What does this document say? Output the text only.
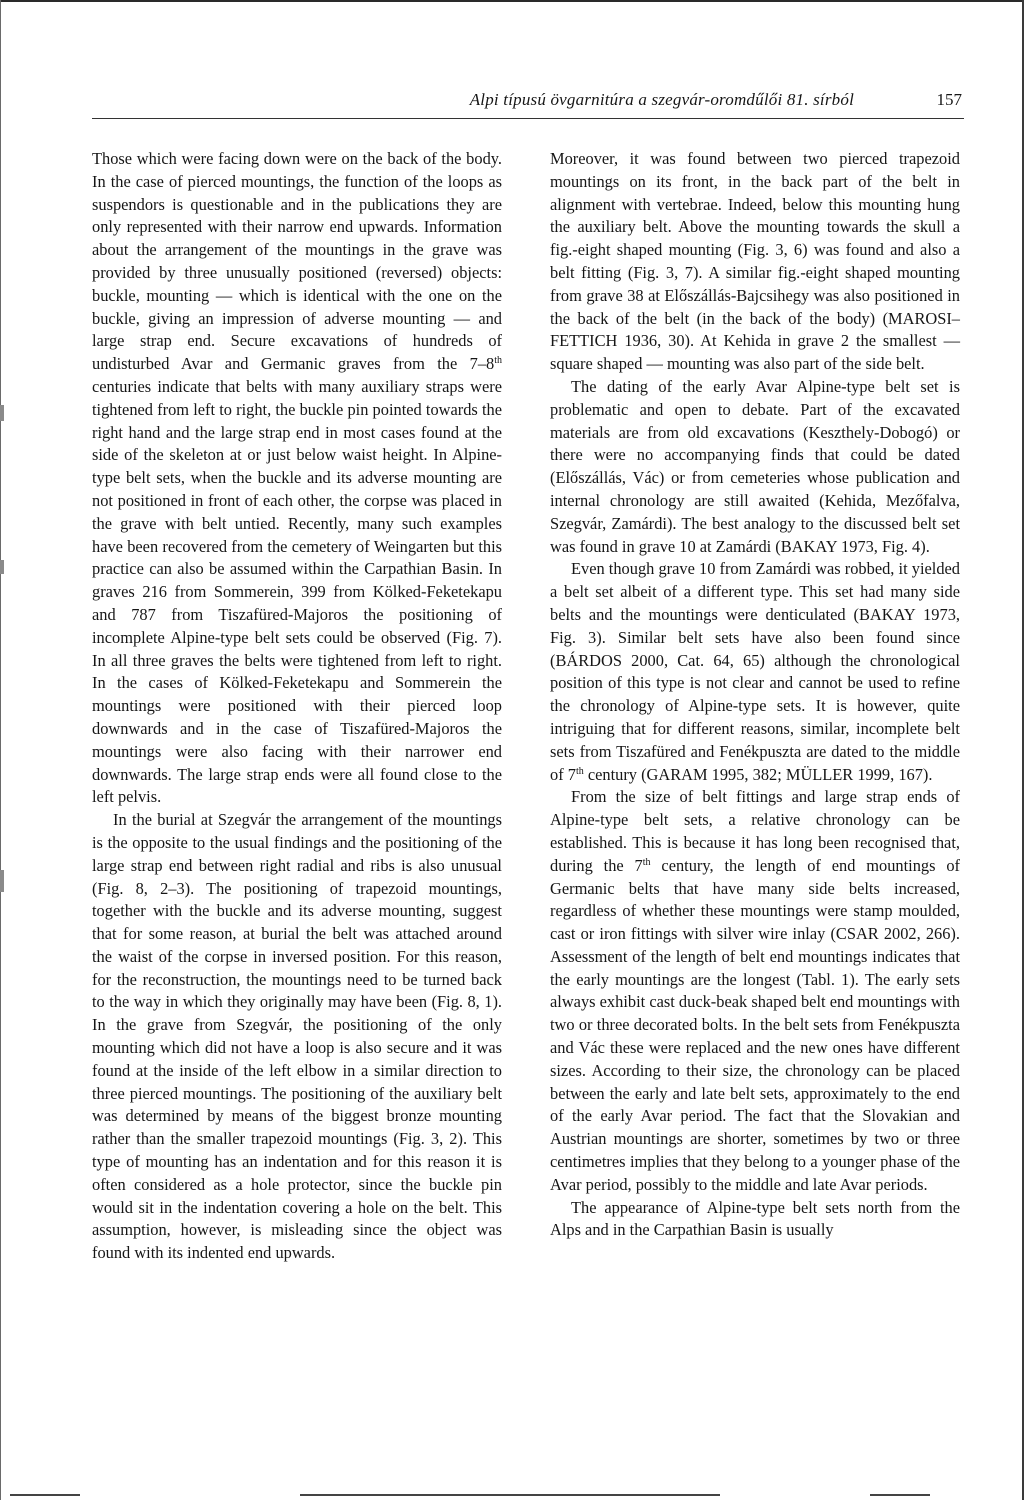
Alpi típusú övgarnitúra a szegvár-oromdűlői 81. sírból	157

Those which were facing down were on the back of the body. In the case of pierced mountings, the function of the loops as suspendors is questionable and in the publications they are only represented with their narrow end upwards. Information about the arrangement of the mountings in the grave was provided by three unusually positioned (reversed) objects: buckle, mounting — which is identical with the one on the buckle, giving an impression of adverse mounting — and large strap end. Secure excavations of hundreds of undisturbed Avar and Germanic graves from the 7–8th centuries indicate that belts with many auxiliary straps were tightened from left to right, the buckle pin pointed towards the right hand and the large strap end in most cases found at the side of the skeleton at or just below waist height. In Alpine-type belt sets, when the buckle and its adverse mounting are not positioned in front of each other, the corpse was placed in the grave with belt untied. Recently, many such examples have been recovered from the cemetery of Weingarten but this practice can also be assumed within the Carpathian Basin. In graves 216 from Sommerein, 399 from Kölked-Feketekapu and 787 from Tiszafüred-Majoros the positioning of incomplete Alpine-type belt sets could be observed (Fig. 7). In all three graves the belts were tightened from left to right. In the cases of Kölked-Feketekapu and Sommerein the mountings were positioned with their pierced loop downwards and in the case of Tiszafüred-Majoros the mountings were also facing with their narrower end downwards. The large strap ends were all found close to the left pelvis.

In the burial at Szegvár the arrangement of the mountings is the opposite to the usual findings and the positioning of the large strap end between right radial and ribs is also unusual (Fig. 8, 2–3). The positioning of trapezoid mountings, together with the buckle and its adverse mounting, suggest that for some reason, at burial the belt was attached around the waist of the corpse in inversed position. For this reason, for the reconstruction, the mountings need to be turned back to the way in which they originally may have been (Fig. 8, 1). In the grave from Szegvár, the positioning of the only mounting which did not have a loop is also secure and it was found at the inside of the left elbow in a similar direction to three pierced mountings. The positioning of the auxiliary belt was determined by means of the biggest bronze mounting rather than the smaller trapezoid mountings (Fig. 3, 2). This type of mounting has an indentation and for this reason it is often considered as a hole protector, since the buckle pin would sit in the indentation covering a hole on the belt. This assumption, however, is misleading since the object was found with its indented end upwards.

Moreover, it was found between two pierced trapezoid mountings on its front, in the back part of the belt in alignment with vertebrae. Indeed, below this mounting hung the auxiliary belt. Above the mounting towards the skull a fig.-eight shaped mounting (Fig. 3, 6) was found and also a belt fitting (Fig. 3, 7). A similar fig.-eight shaped mounting from grave 38 at Előszállás-Bajcsihegy was also positioned in the back of the belt (in the back of the body) (MAROSI–FETTICH 1936, 30). At Kehida in grave 2 the smallest — square shaped — mounting was also part of the side belt.

The dating of the early Avar Alpine-type belt set is problematic and open to debate. Part of the excavated materials are from old excavations (Keszthely-Dobogó) or there were no accompanying finds that could be dated (Előszállás, Vác) or from cemeteries whose publication and internal chronology are still awaited (Kehida, Mezőfalva, Szegvár, Zamárdi). The best analogy to the discussed belt set was found in grave 10 at Zamárdi (BAKAY 1973, Fig. 4).

Even though grave 10 from Zamárdi was robbed, it yielded a belt set albeit of a different type. This set had many side belts and the mountings were denticulated (BAKAY 1973, Fig. 3). Similar belt sets have also been found since (BÁRDOS 2000, Cat. 64, 65) although the chronological position of this type is not clear and cannot be used to refine the chronology of Alpine-type sets. It is however, quite intriguing that for different reasons, similar, incomplete belt sets from Tiszafüred and Fenékpuszta are dated to the middle of 7th century (GARAM 1995, 382; MÜLLER 1999, 167).

From the size of belt fittings and large strap ends of Alpine-type belt sets, a relative chronology can be established. This is because it has long been recognised that, during the 7th century, the length of end mountings of Germanic belts that have many side belts increased, regardless of whether these mountings were stamp moulded, cast or iron fittings with silver wire inlay (CSAR 2002, 266). Assessment of the length of belt end mountings indicates that the early mountings are the longest (Tabl. 1). The early sets always exhibit cast duck-beak shaped belt end mountings with two or three decorated bolts. In the belt sets from Fenékpuszta and Vác these were replaced and the new ones have different sizes. According to their size, the chronology can be placed between the early and late belt sets, approximately to the end of the early Avar period. The fact that the Slovakian and Austrian mountings are shorter, sometimes by two or three centimetres implies that they belong to a younger phase of the Avar period, possibly to the middle and late Avar periods.

The appearance of Alpine-type belt sets north from the Alps and in the Carpathian Basin is usually
